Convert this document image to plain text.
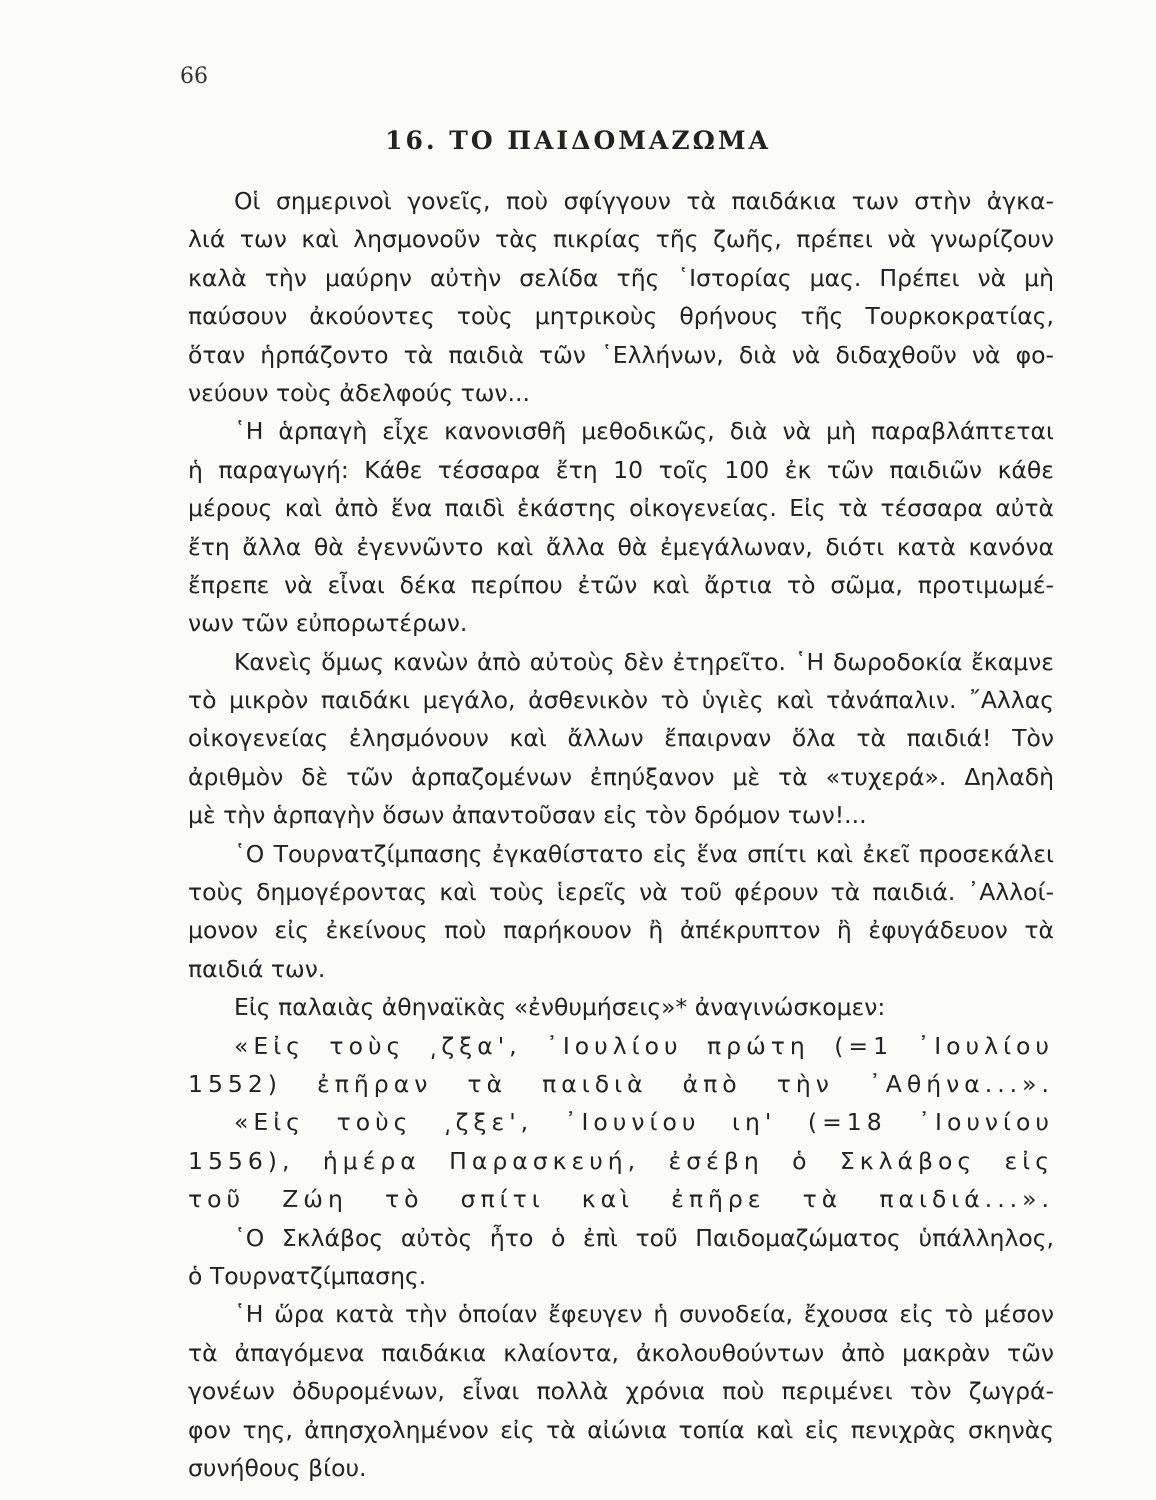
66
16. ΤΟ ΠΑΙΔΟΜΑΖΩΜΑ
Οἱ σημερινοὶ γονεῖς, ποὺ σφίγγουν τὰ παιδάκια των στὴν ἀγκα-
λιά των καὶ λησμονοῦν τὰς πικρίας τῆς ζωῆς, πρέπει νὰ γνωρίζουν
καλὰ τὴν μαύρην αὐτὴν σελίδα τῆς ῾Ιστορίας μας. Πρέπει νὰ μὴ
παύσουν ἀκούοντες τοὺς μητρικοὺς θρήνους τῆς Τουρκοκρατίας,
ὅταν ἡρπάζοντο τὰ παιδιὰ τῶν ῾Ελλήνων, διὰ νὰ διδαχθοῦν νὰ φο-
νεύουν τοὺς ἀδελφούς των...
῾Η ἁρπαγὴ εἶχε κανονισθῆ μεθοδικῶς, διὰ νὰ μὴ παραβλάπτεται
ἡ παραγωγή: Κάθε τέσσαρα ἔτη 10 τοῖς 100 ἐκ τῶν παιδιῶν κάθε
μέρους καὶ ἀπὸ ἕνα παιδὶ ἑκάστης οἰκογενείας. Εἰς τὰ τέσσαρα αὐτὰ
ἔτη ἄλλα θὰ ἐγεννῶντο καὶ ἄλλα θὰ ἐμεγάλωναν, διότι κατὰ κανόνα
ἔπρεπε νὰ εἶναι δέκα περίπου ἐτῶν καὶ ἄρτια τὸ σῶμα, προτιμωμέ-
νων τῶν εὐπορωτέρων.
Κανεὶς ὅμως κανὼν ἀπὸ αὐτοὺς δὲν ἐτηρεῖτο. ῾Η δωροδοκία ἔκαμνε
τὸ μικρὸν παιδάκι μεγάλο, ἀσθενικὸν τὸ ὑγιὲς καὶ τἀνάπαλιν. ῎Αλλας
οἰκογενείας ἐλησμόνουν καὶ ἄλλων ἔπαιρναν ὅλα τὰ παιδιά! Τὸν
ἀριθμὸν δὲ τῶν ἁρπαζομένων ἐπηύξανον μὲ τὰ «τυχερά». Δηλαδὴ
μὲ τὴν ἁρπαγὴν ὅσων ἀπαντοῦσαν εἰς τὸν δρόμον των!...
῾Ο Τουρνατζίμπασης ἐγκαθίστατο εἰς ἕνα σπίτι καὶ ἐκεῖ προσεκάλει
τοὺς δημογέροντας καὶ τοὺς ἱερεῖς νὰ τοῦ φέρουν τὰ παιδιά. ᾿Αλλοί-
μονον εἰς ἐκείνους ποὺ παρήκουον ἢ ἀπέκρυπτον ἢ ἐφυγάδευον τὰ
παιδιά των.
Εἰς παλαιὰς ἀθηναϊκὰς «ἐνθυμήσεις»* ἀναγινώσκομεν:
«Εἰς τοὺς ͵ζξα', ᾿Ιουλίου πρώτη (=1 ᾿Ιουλίου
1552) ἐπῆραν τὰ παιδιὰ ἀπὸ τὴν ᾿Αθήνα...».
«Εἰς τοὺς ͵ζξε', ᾿Ιουνίου ιη' (=18 ᾿Ιουνίου
1556), ἡμέρα Παρασκευή, ἐσέβη ὁ Σκλάβος εἰς
τοῦ Ζώη τὸ σπίτι καὶ ἐπῆρε τὰ παιδιά...».
῾Ο Σκλάβος αὐτὸς ἦτο ὁ ἐπὶ τοῦ Παιδομαζώματος ὑπάλληλος,
ὁ Τουρνατζίμπασης.
῾Η ὥρα κατὰ τὴν ὁποίαν ἔφευγεν ἡ συνοδεία, ἔχουσα εἰς τὸ μέσον
τὰ ἀπαγόμενα παιδάκια κλαίοντα, ἀκολουθούντων ἀπὸ μακρὰν τῶν
γονέων ὀδυρομένων, εἶναι πολλὰ χρόνια ποὺ περιμένει τὸν ζωγρά-
φον της, ἀπησχολημένον εἰς τὰ αἰώνια τοπία καὶ εἰς πενιχρὰς σκηνὰς
συνήθους βίου.
